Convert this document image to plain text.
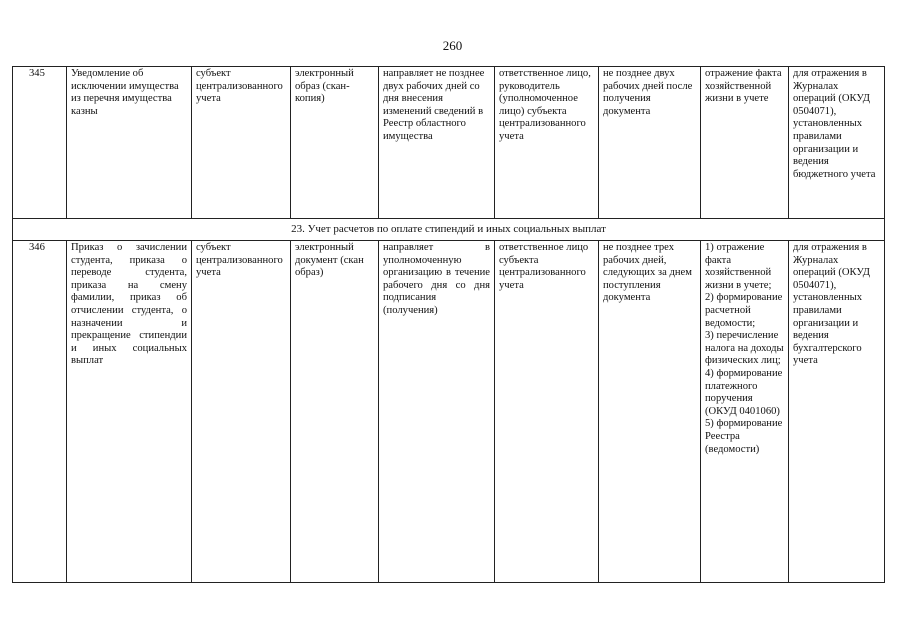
260
345	Уведомление об исключении имущества из перечня имущества казны	субъект централизованного учета	электронный образ (скан-копия)	направляет не позднее двух рабочих дней со дня внесения изменений сведений в Реестр областного имущества	ответственное лицо, руководитель (уполномоченное лицо) субъекта централизованного учета	не позднее двух рабочих дней после получения документа	отражение факта хозяйственной жизни в учете	для отражения в Журналах операций (ОКУД 0504071), установленных правилами организации и ведения бюджетного учета
23. Учет расчетов по оплате стипендий и иных социальных выплат								
346	Приказ о зачислении студента, приказа о переводе студента, приказа на смену фамилии, приказ об отчислении студента, о назначении и прекращение стипендии и иных социальных выплат	субъект централизованного учета	электронный документ (скан образ)	направляет в уполномоченную организацию в течение рабочего дня со дня подписания (получения)	ответственное лицо субъекта централизованного учета	не позднее трех рабочих дней, следующих за днем поступления документа	1) отражение факта хозяйственной жизни в учете;
2) формирование расчетной ведомости;
3) перечисление налога на доходы физических лиц;
4) формирование платежного поручения (ОКУД 0401060)
5) формирование Реестра (ведомости)	для отражения в Журналах операций (ОКУД 0504071), установленных правилами организации и ведения бухгалтерского учета
